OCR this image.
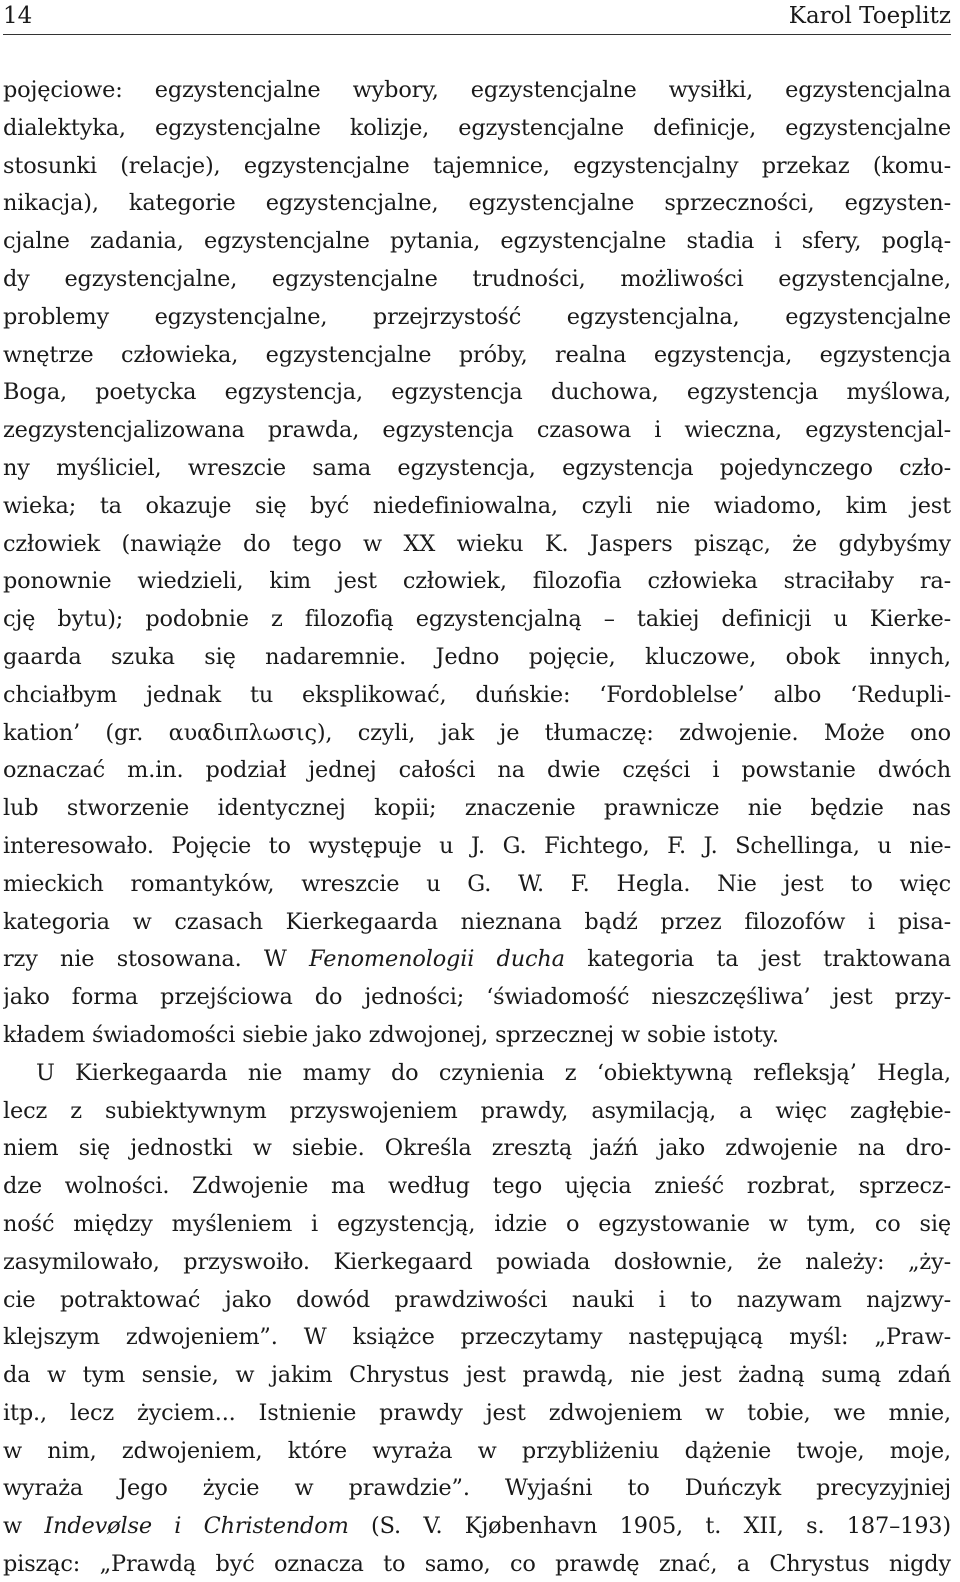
14	Karol Toeplitz
pojęciowe: egzystencjalne wybory, egzystencjalne wysiłki, egzystencjalna
dialektyka, egzystencjalne kolizje, egzystencjalne definicje, egzystencjalne
stosunki (relacje), egzystencjalne tajemnice, egzystencjalny przekaz (komu-
nikacja), kategorie egzystencjalne, egzystencjalne sprzeczności, egzysten-
cjalne zadania, egzystencjalne pytania, egzystencjalne stadia i sfery, poglą-
dy egzystencjalne, egzystencjalne trudności, możliwości egzystencjalne,
problemy egzystencjalne, przejrzystość egzystencjalna, egzystencjalne
wnętrze człowieka, egzystencjalne próby, realna egzystencja, egzystencja
Boga, poetycka egzystencja, egzystencja duchowa, egzystencja myślowa,
zegzystencjalizowana prawda, egzystencja czasowa i wieczna, egzystencjal-
ny myśliciel, wreszcie sama egzystencja, egzystencja pojedynczego czło-
wieka; ta okazuje się być niedefiniowalna, czyli nie wiadomo, kim jest
człowiek (nawiąże do tego w XX wieku K. Jaspers pisząc, że gdybyśmy
ponownie wiedzieli, kim jest człowiek, filozofia człowieka straciłaby ra-
cję bytu); podobnie z filozofią egzystencjalną – takiej definicji u Kierke-
gaarda szuka się nadaremnie. Jedno pojęcie, kluczowe, obok innych,
chciałbym jednak tu eksplikować, duńskie: ‘Fordoblelse’ albo ‘Redupli-
kation’ (gr. αυαδιπλωσις), czyli, jak je tłumaczę: zdwojenie. Może ono
oznaczać m.in. podział jednej całości na dwie części i powstanie dwóch
lub stworzenie identycznej kopii; znaczenie prawnicze nie będzie nas
interesowało. Pojęcie to występuje u J. G. Fichtego, F. J. Schellinga, u nie-
mieckich romantyków, wreszcie u G. W. F. Hegla. Nie jest to więc
kategoria w czasach Kierkegaarda nieznana bądź przez filozofów i pisa-
rzy nie stosowana. W Fenomenologii ducha kategoria ta jest traktowana
jako forma przejściowa do jedności; ‘świadomość nieszczęśliwa’ jest przy-
kładem świadomości siebie jako zdwojonej, sprzecznej w sobie istoty.
U Kierkegaarda nie mamy do czynienia z ‘obiektywną refleksją’ Hegla,
lecz z subiektywnym przyswojeniem prawdy, asymilacją, a więc zagłębie-
niem się jednostki w siebie. Określa zresztą jaźń jako zdwojenie na dro-
dze wolności. Zdwojenie ma według tego ujęcia znieść rozbrat, sprzecz-
ność między myśleniem i egzystencją, idzie o egzystowanie w tym, co się
zasymilowało, przyswoiło. Kierkegaard powiada dosłownie, że należy: „ży-
cie potraktować jako dowód prawdziwości nauki i to nazywam najzwy-
klejszym zdwojeniem”. W książce przeczytamy następującą myśl: „Praw-
da w tym sensie, w jakim Chrystus jest prawdą, nie jest żadną sumą zdań
itp., lecz życiem... Istnienie prawdy jest zdwojeniem w tobie, we mnie,
w nim, zdwojeniem, które wyraża w przybliżeniu dążenie twoje, moje,
wyraża Jego życie w prawdzie”. Wyjaśni to Duńczyk precyzyjniej
w Indevølse i Christendom (S. V. Kjøbenhavn 1905, t. XII, s. 187–193)
pisząc: „Prawdą być oznacza to samo, co prawdę znać, a Chrystus nigdy
